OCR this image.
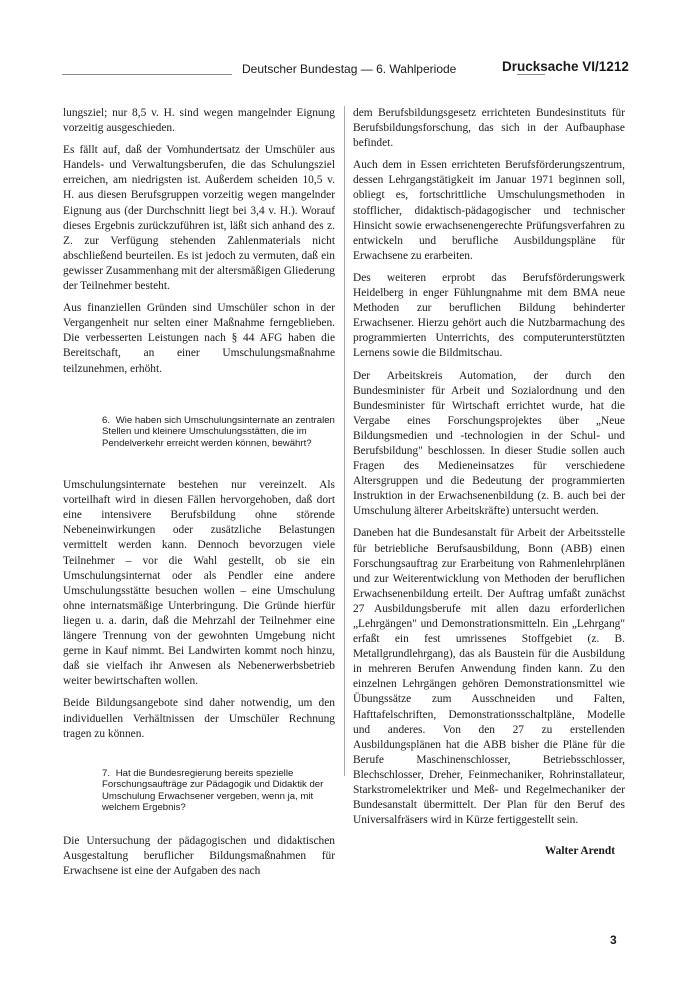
Deutscher Bundestag — 6. Wahlperiode	Drucksache VI/1212

lungsziel; nur 8,5 v. H. sind wegen mangelnder Eignung vorzeitig ausgeschieden.

Es fällt auf, daß der Vomhundertsatz der Umschüler aus Handels- und Verwaltungsberufen, die das Schulungsziel erreichen, am niedrigsten ist. Außerdem scheiden 10,5 v. H. aus diesen Berufsgruppen vorzeitig wegen mangelnder Eignung aus (der Durchschnitt liegt bei 3,4 v. H.). Worauf dieses Ergebnis zurückzuführen ist, läßt sich anhand des z. Z. zur Verfügung stehenden Zahlenmaterials nicht abschließend beurteilen. Es ist jedoch zu vermuten, daß ein gewisser Zusammenhang mit der altersmäßigen Gliederung der Teilnehmer besteht.

Aus finanziellen Gründen sind Umschüler schon in der Vergangenheit nur selten einer Maßnahme ferngeblieben. Die verbesserten Leistungen nach § 44 AFG haben die Bereitschaft, an einer Umschulungsmaßnahme teilzunehmen, erhöht.

6. Wie haben sich Umschulungsinternate an zentralen Stellen und kleinere Umschulungsstätten, die im Pendelverkehr erreicht werden können, bewährt?

Umschulungsinternate bestehen nur vereinzelt. Als vorteilhaft wird in diesen Fällen hervorgehoben, daß dort eine intensivere Berufsbildung ohne störende Nebeneinwirkungen oder zusätzliche Belastungen vermittelt werden kann. Dennoch bevorzugen viele Teilnehmer – vor die Wahl gestellt, ob sie ein Umschulungsinternat oder als Pendler eine andere Umschulungsstätte besuchen wollen – eine Umschulung ohne internatsmäßige Unterbringung. Die Gründe hierfür liegen u. a. darin, daß die Mehrzahl der Teilnehmer eine längere Trennung von der gewohnten Umgebung nicht gerne in Kauf nimmt. Bei Landwirten kommt noch hinzu, daß sie vielfach ihr Anwesen als Nebenerwerbsbetrieb weiter bewirtschaften wollen.

Beide Bildungsangebote sind daher notwendig, um den individuellen Verhältnissen der Umschüler Rechnung tragen zu können.

7. Hat die Bundesregierung bereits spezielle Forschungsaufträge zur Pädagogik und Didaktik der Umschulung Erwachsener vergeben, wenn ja, mit welchem Ergebnis?

Die Untersuchung der pädagogischen und didaktischen Ausgestaltung beruflicher Bildungsmaßnahmen für Erwachsene ist eine der Aufgaben des nach

dem Berufsbildungsgesetz errichteten Bundesinstituts für Berufsbildungsforschung, das sich in der Aufbauphase befindet.

Auch dem in Essen errichteten Berufsförderungszentrum, dessen Lehrgangstätigkeit im Januar 1971 beginnen soll, obliegt es, fortschrittliche Umschulungsmethoden in stofflicher, didaktisch-pädagogischer und technischer Hinsicht sowie erwachsenengerechte Prüfungsverfahren zu entwickeln und berufliche Ausbildungspläne für Erwachsene zu erarbeiten.

Des weiteren erprobt das Berufsförderungswerk Heidelberg in enger Fühlungnahme mit dem BMA neue Methoden zur beruflichen Bildung behinderter Erwachsener. Hierzu gehört auch die Nutzbarmachung des programmierten Unterrichts, des computerunterstützten Lernens sowie die Bildmitschau.

Der Arbeitskreis Automation, der durch den Bundesminister für Arbeit und Sozialordnung und den Bundesminister für Wirtschaft errichtet wurde, hat die Vergabe eines Forschungsprojektes über „Neue Bildungsmedien und -technologien in der Schul- und Berufsbildung" beschlossen. In dieser Studie sollen auch Fragen des Medieneinsatzes für verschiedene Altersgruppen und die Bedeutung der programmierten Instruktion in der Erwachsenenbildung (z. B. auch bei der Umschulung älterer Arbeitskräfte) untersucht werden.

Daneben hat die Bundesanstalt für Arbeit der Arbeitsstelle für betriebliche Berufsausbildung, Bonn (ABB) einen Forschungsauftrag zur Erarbeitung von Rahmenlehrplänen und zur Weiterentwicklung von Methoden der beruflichen Erwachsenenbildung erteilt. Der Auftrag umfaßt zunächst 27 Ausbildungsberufe mit allen dazu erforderlichen „Lehrgängen" und Demonstrationsmitteln. Ein „Lehrgang" erfaßt ein fest umrissenes Stoffgebiet (z. B. Metallgrundlehrgang), das als Baustein für die Ausbildung in mehreren Berufen Anwendung finden kann. Zu den einzelnen Lehrgängen gehören Demonstrationsmittel wie Übungssätze zum Ausschneiden und Falten, Hafttafelschriften, Demonstrationsschaltpläne, Modelle und anderes. Von den 27 zu erstellenden Ausbildungsplänen hat die ABB bisher die Pläne für die Berufe Maschinenschlosser, Betriebsschlosser, Blechschlosser, Dreher, Feinmechaniker, Rohrinstallateur, Starkstromelektriker und Meß- und Regelmechaniker der Bundesanstalt übermittelt. Der Plan für den Beruf des Universalfräsers wird in Kürze fertiggestellt sein.

Walter Arendt
3
